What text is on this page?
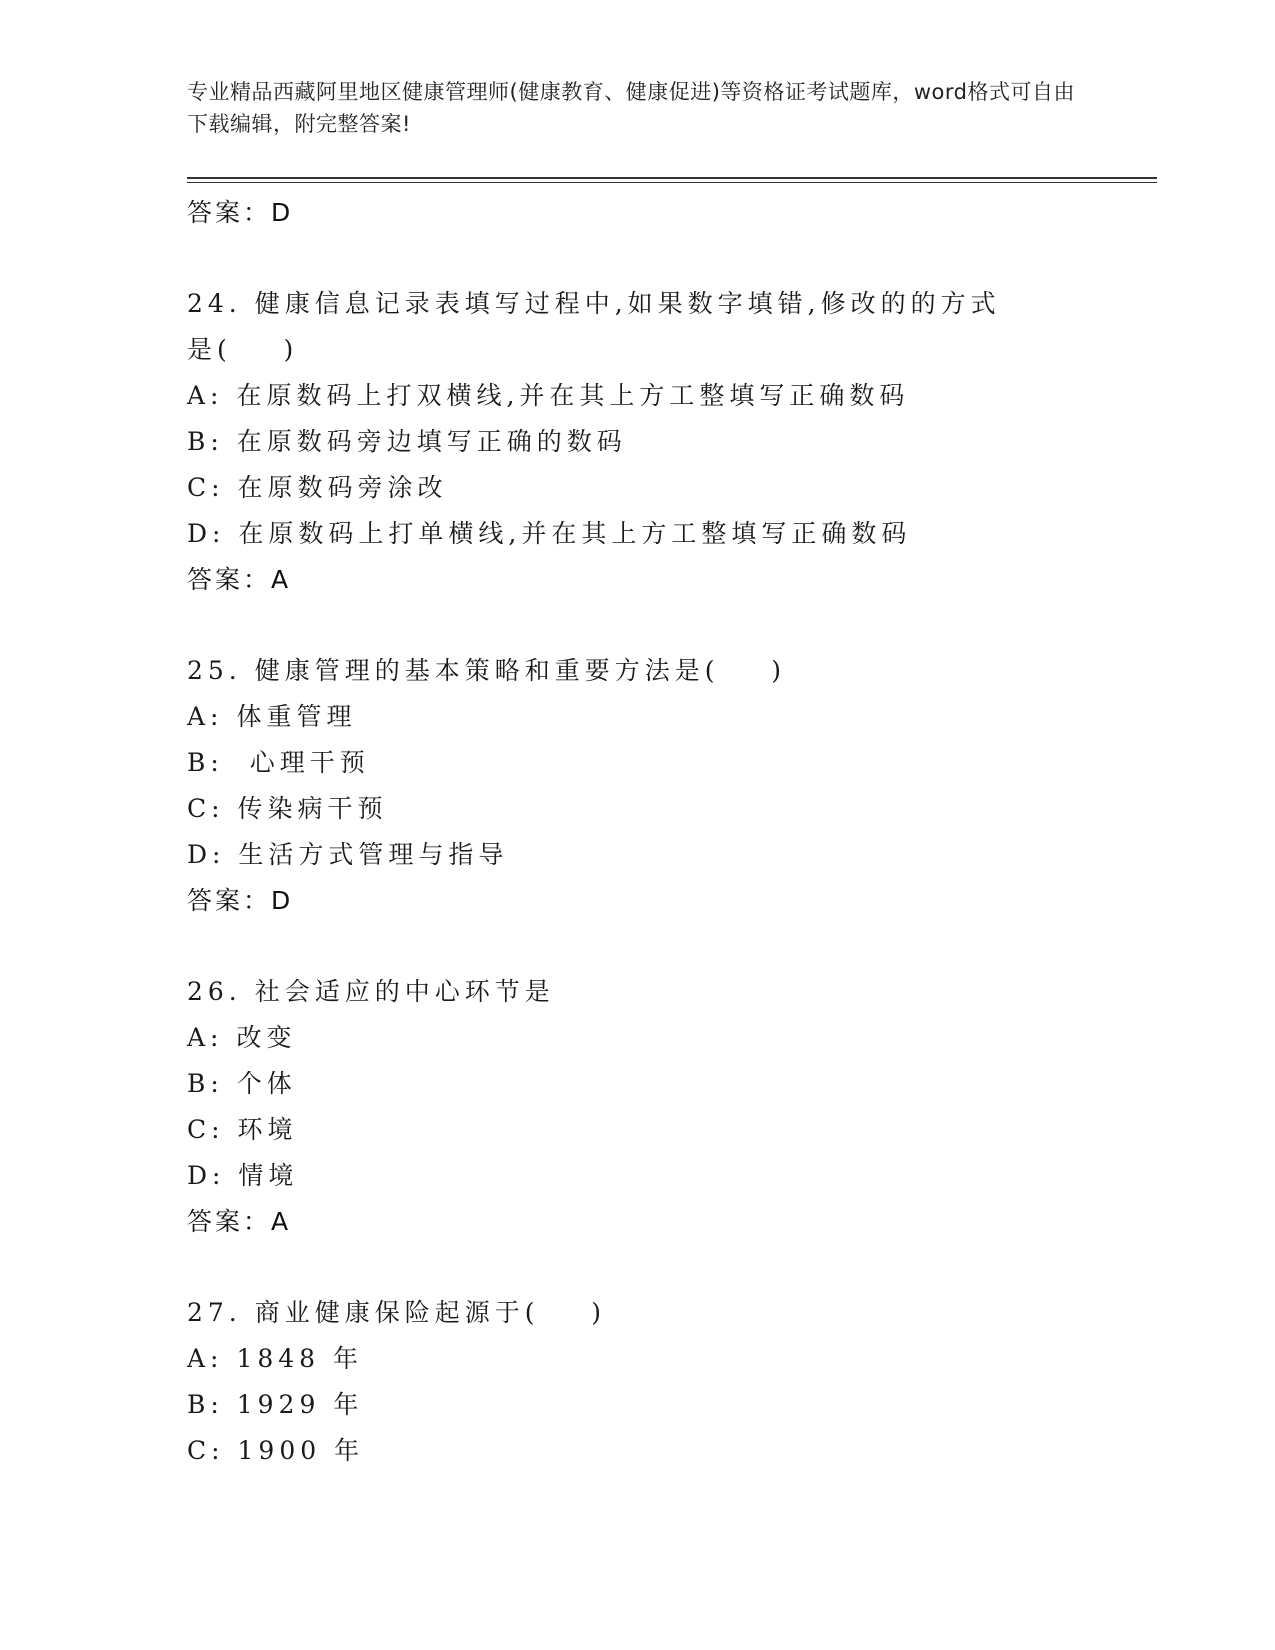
专业精品西藏阿里地区健康管理师(健康教育、健康促进)等资格证考试题库，word格式可自由下载编辑，附完整答案!
答案：D
24. 健康信息记录表填写过程中,如果数字填错,修改的的方式是(    )
A: 在原数码上打双横线,并在其上方工整填写正确数码
B: 在原数码旁边填写正确的数码
C: 在原数码旁涂改
D: 在原数码上打单横线,并在其上方工整填写正确数码
答案：A
25. 健康管理的基本策略和重要方法是(    )
A: 体重管理
B:  心理干预
C: 传染病干预
D: 生活方式管理与指导
答案：D
26. 社会适应的中心环节是
A: 改变
B: 个体
C: 环境
D: 情境
答案：A
27. 商业健康保险起源于(    )
A: 1848 年
B: 1929 年
C: 1900 年
